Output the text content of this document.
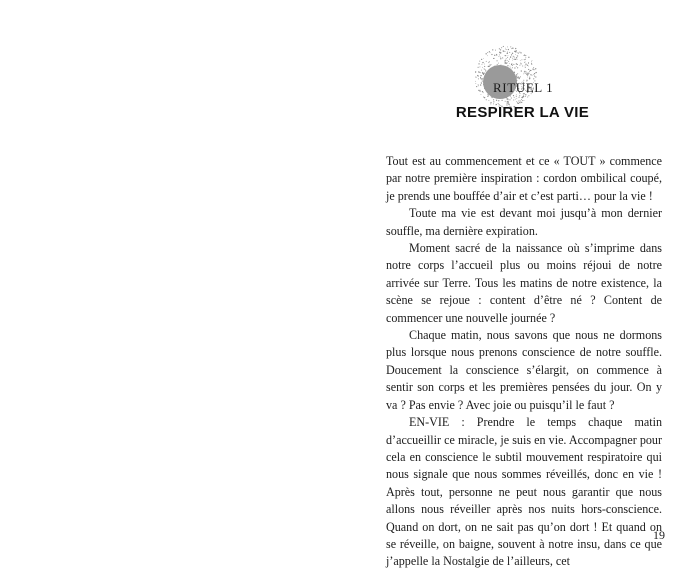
RITUEL 1
RESPIRER LA VIE

Tout est au commencement et ce « TOUT » commence par notre première inspiration : cordon ombilical coupé, je prends une bouffée d’air et c’est parti… pour la vie !

Toute ma vie est devant moi jusqu’à mon dernier souffle, ma dernière expiration.

Moment sacré de la naissance où s’imprime dans notre corps l’accueil plus ou moins réjoui de notre arrivée sur Terre. Tous les matins de notre existence, la scène se rejoue : content d’être né ? Content de commencer une nouvelle journée ?

Chaque matin, nous savons que nous ne dormons plus lorsque nous prenons conscience de notre souffle. Doucement la conscience s’élargit, on commence à sentir son corps et les premières pensées du jour. On y va ? Pas envie ? Avec joie ou puisqu’il le faut ?

EN-VIE : Prendre le temps chaque matin d’accueillir ce miracle, je suis en vie. Accompagner pour cela en conscience le subtil mouvement respiratoire qui nous signale que nous sommes réveillés, donc en vie ! Après tout, personne ne peut nous garantir que nous allons nous réveiller après nos nuits hors-conscience. Quand on dort, on ne sait pas qu’on dort ! Et quand on se réveille, on baigne, souvent à notre insu, dans ce que j’appelle la Nostalgie de l’ailleurs, cet

19
